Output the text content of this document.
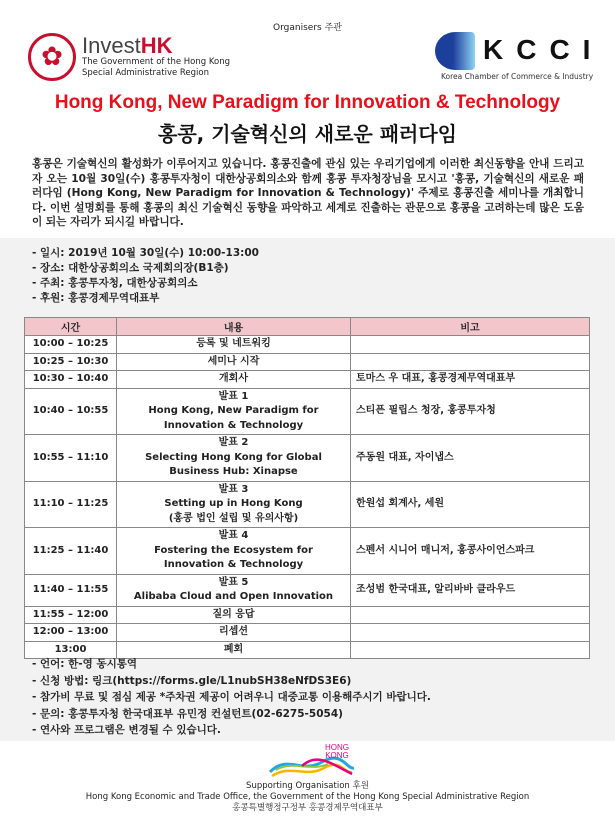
Organisers 주관
✿ InvestHK
The Government of the Hong Kong
Special Administrative Region
KCCI
Korea Chamber of Commerce & Industry
Hong Kong, New Paradigm for Innovation & Technology
홍콩, 기술혁신의 새로운 패러다임
홍콩은 기술혁신의 활성화가 이루어지고 있습니다. 홍콩진출에 관심 있는 우리기업에게 이러한 최신동향을 안내 드리고자 오는 10월 30일(수) 홍콩투자청이 대한상공회의소와 함께 홍콩 투자청장님을 모시고 '홍콩, 기술혁신의 새로운 패러다임 (Hong Kong, New Paradigm for Innovation & Technology)' 주제로 홍콩진출 세미나를 개최합니다. 이번 설명회를 통해 홍콩의 최신 기술혁신 동향을 파악하고 세계로 진출하는 관문으로 홍콩을 고려하는데 많은 도움이 되는 자리가 되시길 바랍니다.
- 일시: 2019년 10월 30일(수) 10:00-13:00
- 장소: 대한상공회의소 국제회의장(B1층)
- 주최: 홍콩투자청, 대한상공회의소
- 후원: 홍콩경제무역대표부
시간	내용	비고
10:00 – 10:25	등록 및 네트워킹	

10:25 – 10:30	세미나 시작	

10:30 – 10:40	개회사	토마스 우 대표, 홍콩경제무역대표부
10:40 – 10:55	발표 1
Hong Kong, New Paradigm for
Innovation & Technology	스티픈 필립스 청장, 홍콩투자청
10:55 – 11:10	발표 2
Selecting Hong Kong for Global
Business Hub: Xinapse	주동원 대표, 자이냅스
11:10 – 11:25	발표 3
Setting up in Hong Kong
(홍콩 법인 설립 및 유의사항)	한원섭 회계사, 세원
11:25 – 11:40	발표 4
Fostering the Ecosystem for
Innovation & Technology	스펜서 시니어 매니저, 홍콩사이언스파크
11:40 – 11:55	발표 5
Alibaba Cloud and Open Innovation	조성범 한국대표, 알리바바 클라우드
11:55 – 12:00	질의 응답	

12:00 – 13:00	리셉션	

13:00	폐회	

- 언어: 한-영 동시통역
- 신청 방법: 링크(https://forms.gle/L1nubSH38eNfDS3E6)
- 참가비 무료 및 점심 제공 *주차권 제공이 어려우니 대중교통 이용해주시기 바랍니다.
- 문의: 홍콩투자청 한국대표부 유민정 컨설턴트(02-6275-5054)
- 연사와 프로그램은 변경될 수 있습니다.
HONG KONG
Supporting Organisation 후원
Hong Kong Economic and Trade Office, the Government of the Hong Kong Special Administrative Region
홍콩특별행정구정부 홍콩경제무역대표부
